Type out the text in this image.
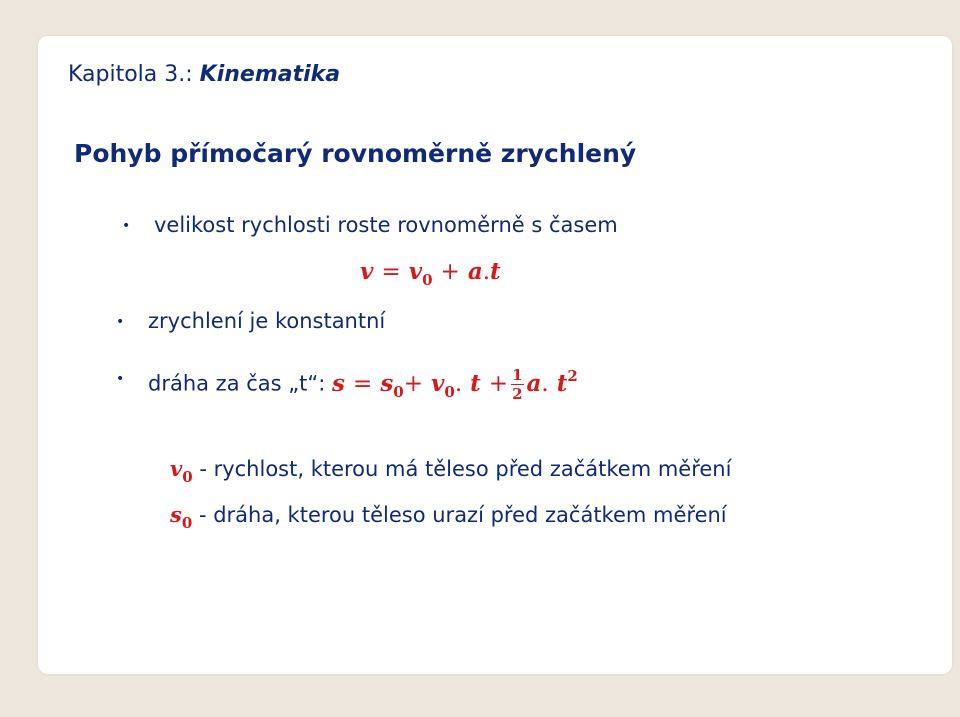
Kapitola 3.: Kinematika
Pohyb přímočarý rovnoměrně zrychlený
• velikost rychlosti roste rovnoměrně s časem
$v = v_0 + a.t$
• zrychlení je konstantní
• dráha za čas „t“: $s = s_0+ v_0$. $t + \frac{1}{2} a$. $t^2$
$v_0$ - rychlost, kterou má těleso před začátkem měření
$s_0$ - dráha, kterou těleso urazí před začátkem měření
